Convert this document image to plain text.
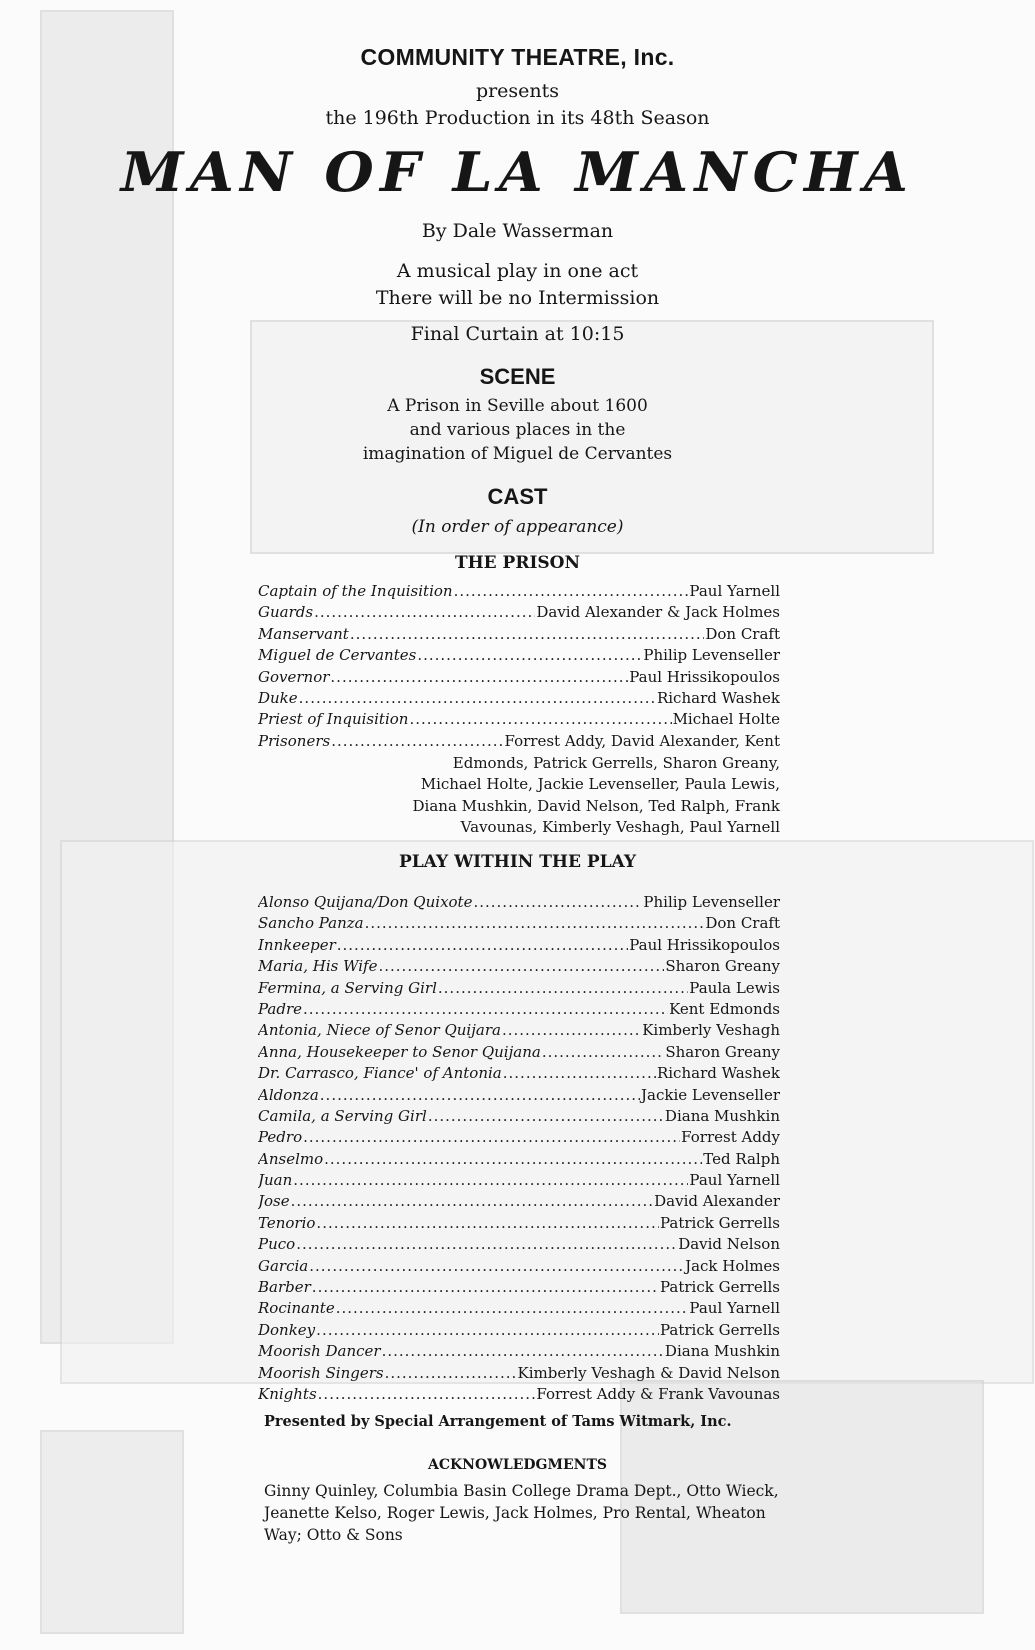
COMMUNITY THEATRE, Inc.
presents
the 196th Production in its 48th Season
MAN OF LA MANCHA
By Dale Wasserman
A musical play in one act
There will be no Intermission
Final Curtain at 10:15
SCENE
A Prison in Seville about 1600
and various places in the
imagination of Miguel de Cervantes
CAST
(In order of appearance)
THE PRISON
Captain of the Inquisition .....	Paul Yarnell
Guards .....	David Alexander & Jack Holmes
Manservant .....	Don Craft
Miguel de Cervantes .....	Philip Levenseller
Governor .....	Paul Hrissikopoulos
Duke .....	Richard Washek
Priest of Inquisition .....	Michael Holte
Prisoners .....	Forrest Addy, David Alexander, Kent
Edmonds, Patrick Gerrells, Sharon Greany,
Michael Holte, Jackie Levenseller, Paula Lewis,
Diana Mushkin, David Nelson, Ted Ralph, Frank
Vavounas, Kimberly Veshagh, Paul Yarnell
PLAY WITHIN THE PLAY
Alonso Quijana/Don Quixote .....	Philip Levenseller
Sancho Panza .....	Don Craft
Innkeeper .....	Paul Hrissikopoulos
Maria, His Wife .....	Sharon Greany
Fermina, a Serving Girl .....	Paula Lewis
Padre .....	Kent Edmonds
Antonia, Niece of Senor Quijara .....	Kimberly Veshagh
Anna, Housekeeper to Senor Quijana .....	Sharon Greany
Dr. Carrasco, Fiance' of Antonia .....	Richard Washek
Aldonza .....	Jackie Levenseller
Camila, a Serving Girl .....	Diana Mushkin
Pedro .....	Forrest Addy
Anselmo .....	Ted Ralph
Juan .....	Paul Yarnell
Jose .....	David Alexander
Tenorio .....	Patrick Gerrells
Puco .....	David Nelson
Garcia .....	Jack Holmes
Barber .....	Patrick Gerrells
Rocinante .....	Paul Yarnell
Donkey .....	Patrick Gerrells
Moorish Dancer .....	Diana Mushkin
Moorish Singers .....	Kimberly Veshagh & David Nelson
Knights .....	Forrest Addy & Frank Vavounas
Presented by Special Arrangement of Tams Witmark, Inc.
ACKNOWLEDGMENTS
Ginny Quinley, Columbia Basin College Drama Dept., Otto Wieck, Jeanette Kelso, Roger Lewis, Jack Holmes, Pro Rental, Wheaton Way; Otto & Sons
